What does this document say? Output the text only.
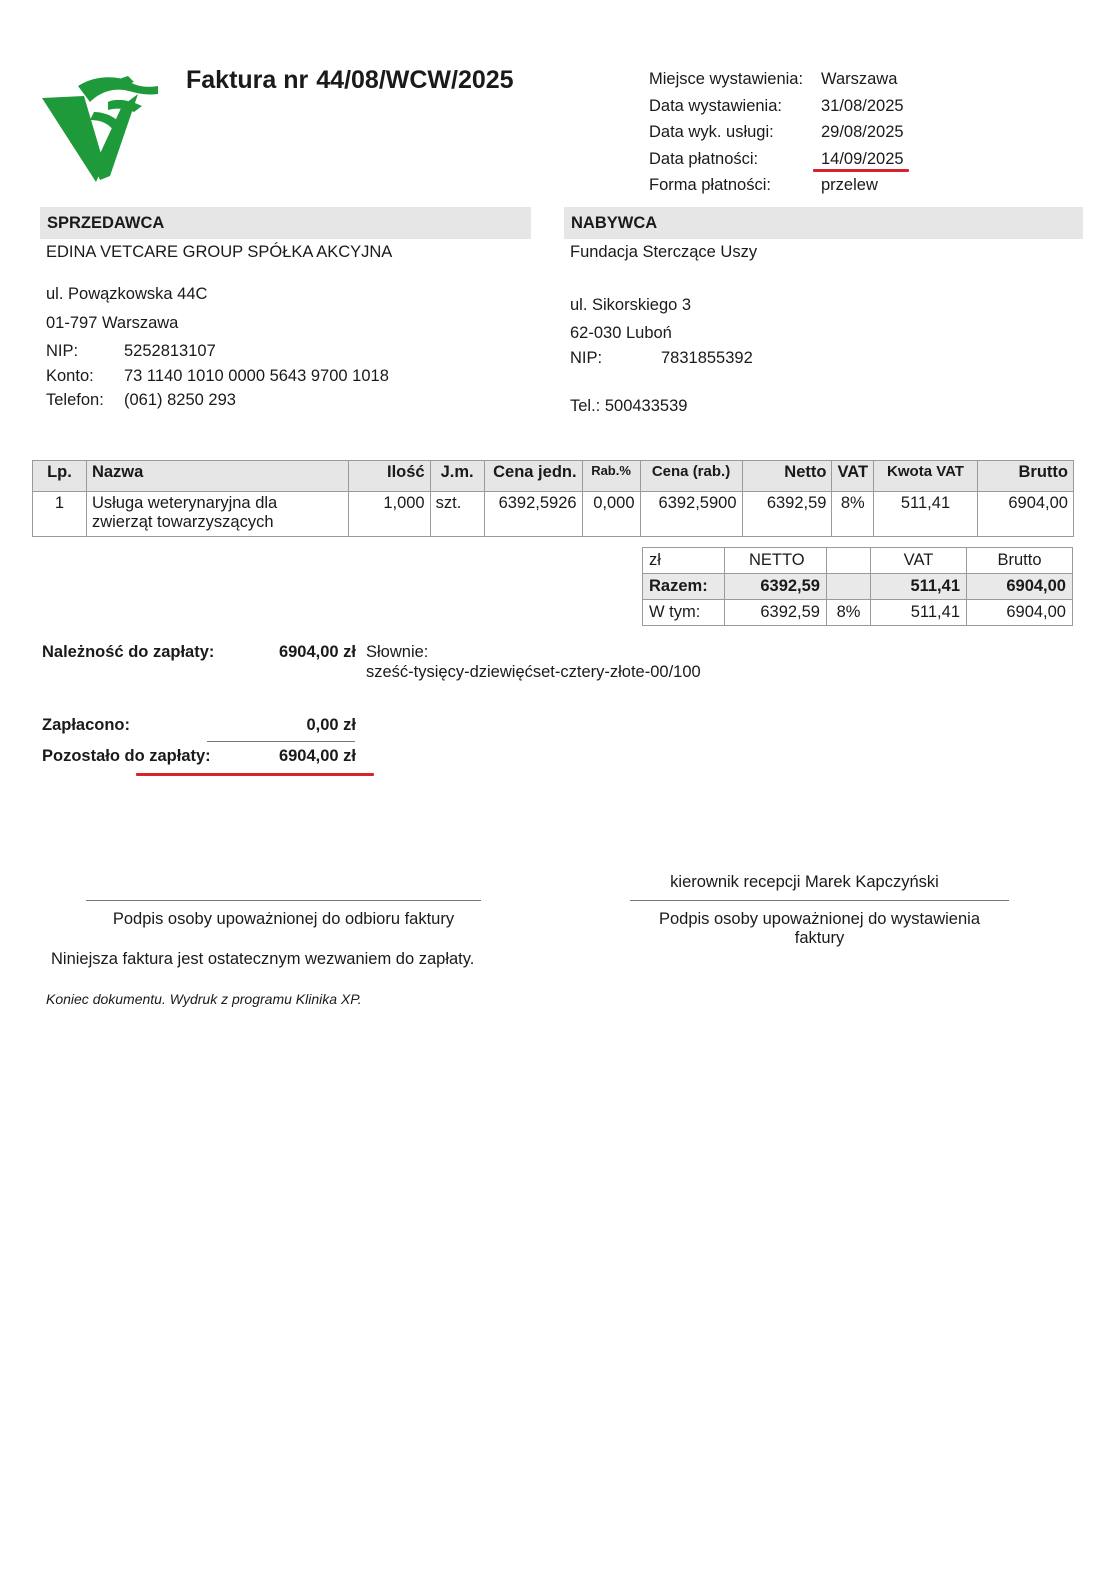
Faktura nr 44/08/WCW/2025	Miejsce wystawienia: Warszawa
Data wystawienia: 31/08/2025
Data wyk. usługi:	29/08/2025
Data płatności:	14/09/2025
Forma płatności:	przelew
SPRZEDAWCA
EDINA VETCARE GROUP SPÓŁKA AKCYJNA
ul. Powązkowska 44C
01-797 Warszawa
NIP:	5252813107
Konto: 73 1140 1010 0000 5643 9700 1018
Telefon: (061) 8250 293
NABYWCA
Fundacja Sterczące Uszy
ul. Sikorskiego 3
62-030 Luboń
NIP:	7831855392
Tel.: 500433539
Lp.	Nazwa	Ilość	J.m.	Cena jedn.	Rab.%	Cena (rab.)	Netto	VAT	Kwota VAT	Brutto
1	Usługa weterynaryjna dla
zwierząt towarzyszących	1,000	szt.	6392,5926	0,000	6392,5900	6392,59	8%	511,41	6904,00
zł	NETTO		VAT	Brutto
Razem:	6392,59		511,41	6904,00
W tym:	6392,59	8%	511,41	6904,00
Należność do zapłaty:	6904,00 zł Słownie:
sześć-tysięcy-dziewięćset-cztery-złote-00/100
Zapłacono:	0,00 zł
Pozostało do zapłaty:	6904,00 zł
kierownik recepcji Marek Kapczyński
Podpis osoby upoważnionej do odbioru faktury	Podpis osoby upoważnionej do wystawienia
faktury
Niniejsza faktura jest ostatecznym wezwaniem do zapłaty.
Koniec dokumentu. Wydruk z programu Klinika XP.
